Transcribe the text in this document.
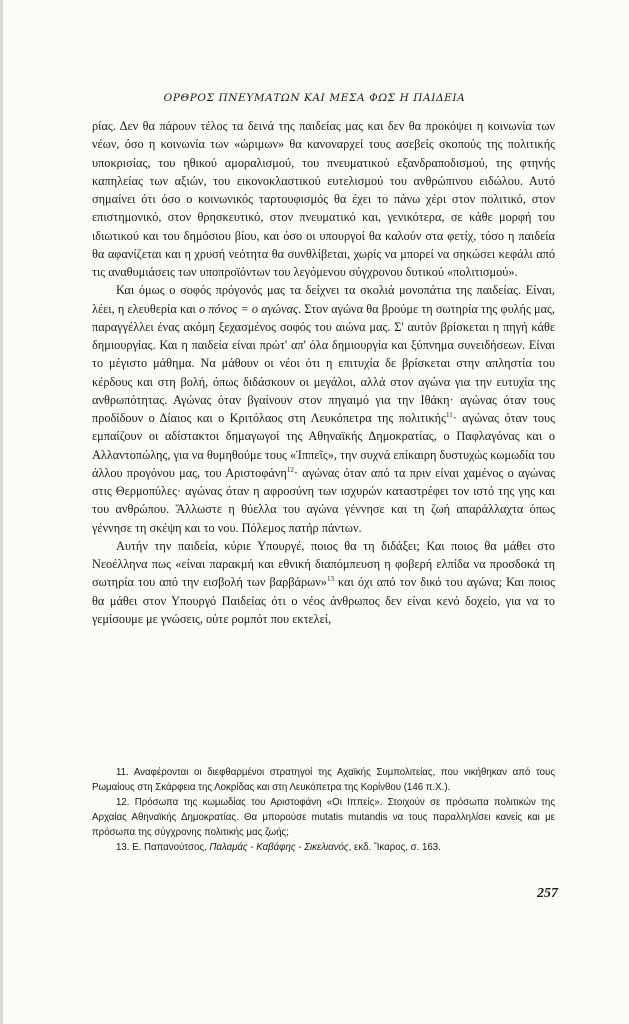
ΟΡΘΡΟΣ ΠΝΕΥΜΑΤΩΝ ΚΑΙ ΜΕΣΑ ΦΩΣ Η ΠΑΙΔΕΙΑ

ρίας. Δεν θα πάρουν τέλος τα δεινά της παιδείας μας και δεν θα προκόψει η κοινωνία των νέων, όσο η κοινωνία των «ώριμων» θα κανοναρχεί τους ασεβείς σκοπούς της πολιτικής υποκρισίας, του ηθικού αμοραλισμού, του πνευματικού εξανδραποδισμού, της φτηνής καπηλείας των αξιών, του εικονοκλαστικού ευτελισμού του ανθρώπινου ειδώλου. Αυτό σημαίνει ότι όσο ο κοινωνικός ταρτουφισμός θα έχει το πάνω χέρι στον πολιτικό, στον επιστημονικό, στον θρησκευτικό, στον πνευματικό και, γενικότερα, σε κάθε μορφή του ιδιωτικού και του δημόσιου βίου, και όσο οι υπουργοί θα καλούν στα φετίχ, τόσο η παιδεία θα αφανίζεται και η χρυσή νεότητα θα συνθλίβεται, χωρίς να μπορεί να σηκώσει κεφάλι από τις αναθυμιάσεις των υποπροϊόντων του λεγόμενου σύγχρονου δυτικού «πολιτισμού».

Και όμως ο σοφός πρόγονός μας τα δείχνει τα σκολιά μονοπάτια της παιδείας. Είναι, λέει, η ελευθερία και ο πόνος = ο αγώνας. Στον αγώνα θα βρούμε τη σωτηρία της φυλής μας, παραγγέλλει ένας ακόμη ξεχασμένος σοφός του αιώνα μας. Σ' αυτόν βρίσκεται η πηγή κάθε δημιουργίας. Και η παιδεία είναι πρώτ' απ' όλα δημιουργία και ξύπνημα συνειδήσεων. Είναι το μέγιστο μάθημα. Να μάθουν οι νέοι ότι η επιτυχία δε βρίσκεται στην απληστία του κέρδους και στη βολή, όπως διδάσκουν οι μεγάλοι, αλλά στον αγώνα για την ευτυχία της ανθρωπότητας. Αγώνας όταν βγαίνουν στον πηγαιμό για την Ιθάκη· αγώνας όταν τους προδίδουν ο Δίαιος και ο Κριτόλαος στη Λευκόπετρα της πολιτικής$^{11}$· αγώνας όταν τους εμπαίζουν οι αδίστακτοι δημαγωγοί της Αθηναϊκής Δημοκρατίας, ο Παφλαγόνας και ο Αλλαντοπώλης, για να θυμηθούμε τους «Ἱππεῖς», την συχνά επίκαιρη δυστυχώς κωμωδία του άλλου προγόνου μας, του Αριστοφάνη$^{12}$· αγώνας όταν από τα πριν είναι χαμένος ο αγώνας στις Θερμοπύλες· αγώνας όταν η αφροσύνη των ισχυρών καταστρέφει τον ιστό της γης και του ανθρώπου. Ἄλλωστε η θύελλα του αγώνα γέννησε και τη ζωή απαράλλαχτα όπως γέννησε τη σκέψη και το νου. Πόλεμος πατήρ πάντων.

Αυτήν την παιδεία, κύριε Υπουργέ, ποιος θα τη διδάξει; Και ποιος θα μάθει στο Νεοέλληνα πως «είναι παρακμή και εθνική διαπόμπευση η φοβερή ελπίδα να προσδοκά τη σωτηρία του από την εισβολή των βαρβάρων»$^{13}$ και όχι από τον δικό του αγώνα; Και ποιος θα μάθει στον Υπουργό Παιδείας ότι ο νέος άνθρωπος δεν είναι κενό δοχείο, για να το γεμίσουμε με γνώσεις, ούτε ρομπότ που εκτελεί,

11. Αναφέρονται οι διεφθαρμένοι στρατηγοί της Αχαϊκής Συμπολιτείας, που νικήθηκαν από τους Ρωμαίους στη Σκάρφεια της Λοκρίδας και στη Λευκόπετρα της Κορίνθου (146 π.Χ.).

12. Πρόσωπα της κωμωδίας του Αριστοφάνη «Οι Ιππείς». Στοιχούν σε πρόσωπα πολιτικών της Αρχαίας Αθηναϊκής Δημοκρατίας. Θα μπορούσε mutatis mutandis να τους παραλληλίσει κανείς και με πρόσωπα της σύγχρονης πολιτικής μας ζωής;

13. Ε. Παπανούτσος, Παλαμάς - Καβάφης - Σικελιανός, εκδ. Ἴκαρος, σ. 163.

257
